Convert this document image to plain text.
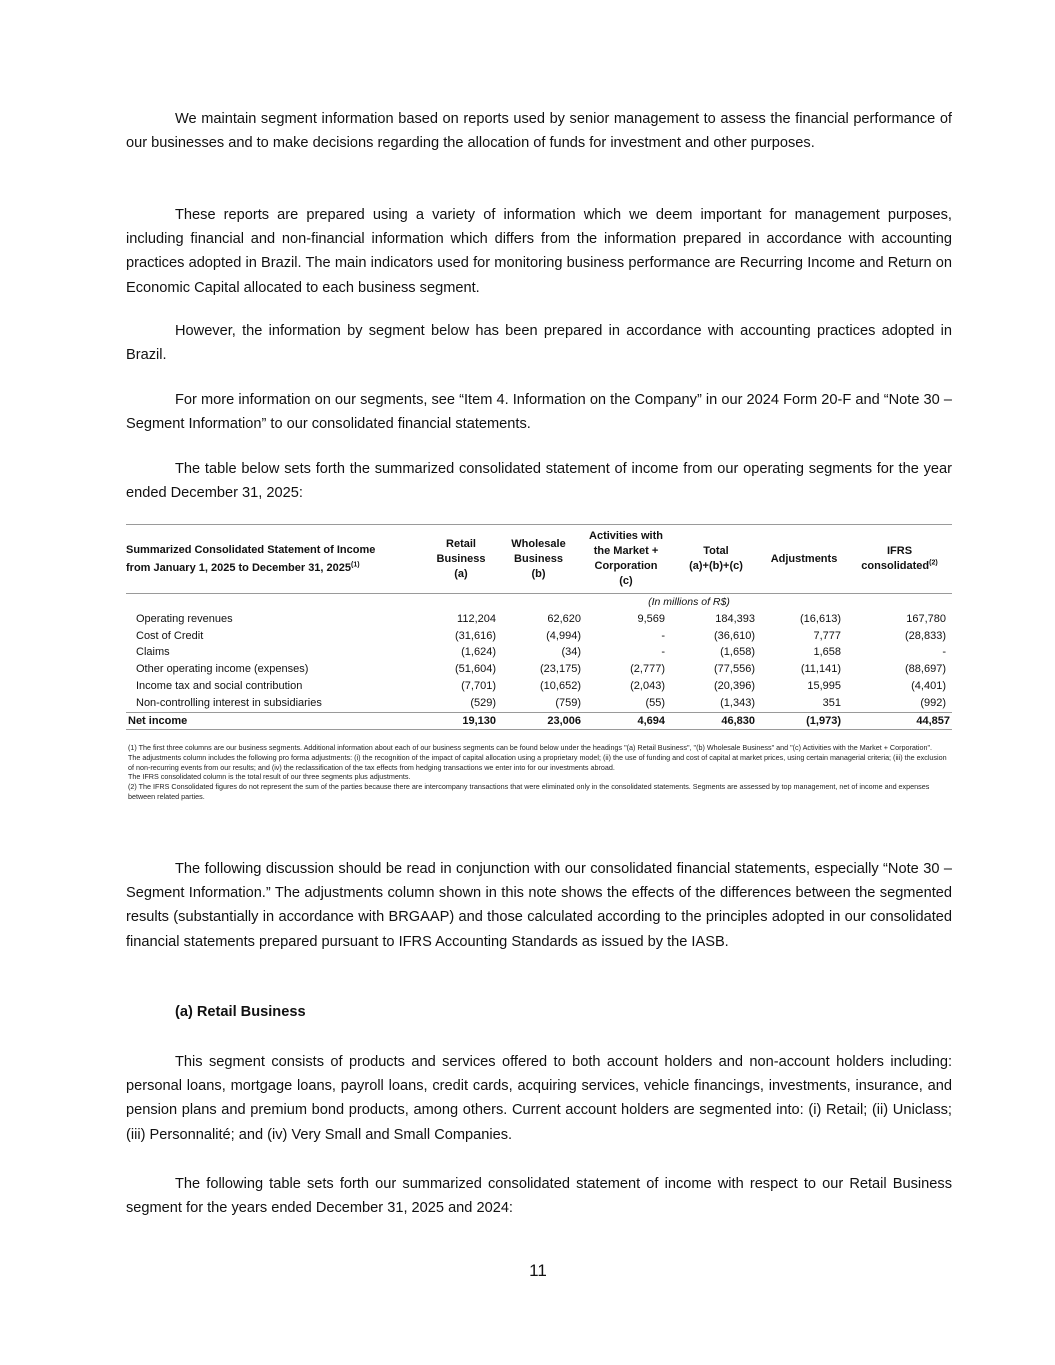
We maintain segment information based on reports used by senior management to assess the financial performance of our businesses and to make decisions regarding the allocation of funds for investment and other purposes.

These reports are prepared using a variety of information which we deem important for management purposes, including financial and non-financial information which differs from the information prepared in accordance with accounting practices adopted in Brazil. The main indicators used for monitoring business performance are Recurring Income and Return on Economic Capital allocated to each business segment.

However, the information by segment below has been prepared in accordance with accounting practices adopted in Brazil.

For more information on our segments, see “Item 4. Information on the Company” in our 2024 Form 20-F and “Note 30 – Segment Information” to our consolidated financial statements.

The table below sets forth the summarized consolidated statement of income from our operating segments for the year ended December 31, 2025:

Summarized Consolidated Statement of Income
from January 1, 2025 to December 31, 2025$^{(1)}$	Retail
Business
(a)	Wholesale
Business
(b)	Activities with
the Market +
Corporation
(c)	Total
(a)+(b)+(c)	Adjustments	IFRS
consolidated$^{(2)}$
	(In millions of R$)					
Operating revenues	112,204	62,620	9,569	184,393	(16,613)	167,780
Cost of Credit	(31,616)	(4,994)	-	(36,610)	7,777	(28,833)
Claims	(1,624)	(34)	-	(1,658)	1,658	-
Other operating income (expenses)	(51,604)	(23,175)	(2,777)	(77,556)	(11,141)	(88,697)
Income tax and social contribution	(7,701)	(10,652)	(2,043)	(20,396)	15,995	(4,401)
Non-controlling interest in subsidiaries	(529)	(759)	(55)	(1,343)	351	(992)
Net income	19,130	23,006	4,694	46,830	(1,973)	44,857

(1) The first three columns are our business segments. Additional information about each of our business segments can be found below under the headings "(a) Retail Business", "(b) Wholesale Business" and "(c) Activities with the Market + Corporation".

The adjustments column includes the following pro forma adjustments: (i) the recognition of the impact of capital allocation using a proprietary model; (ii) the use of funding and cost of capital at market prices, using certain managerial criteria; (iii) the exclusion of non-recurring events from our results; and (iv) the reclassification of the tax effects from hedging transactions we enter into for our investments abroad.

The IFRS consolidated column is the total result of our three segments plus adjustments.

(2) The IFRS Consolidated figures do not represent the sum of the parties because there are intercompany transactions that were eliminated only in the consolidated statements. Segments are assessed by top management, net of income and expenses between related parties.

The following discussion should be read in conjunction with our consolidated financial statements, especially “Note 30 – Segment Information.” The adjustments column shown in this note shows the effects of the differences between the segmented results (substantially in accordance with BRGAAP) and those calculated according to the principles adopted in our consolidated financial statements prepared pursuant to IFRS Accounting Standards as issued by the IASB.

(a) Retail Business

This segment consists of products and services offered to both account holders and non-account holders including: personal loans, mortgage loans, payroll loans, credit cards, acquiring services, vehicle financings, investments, insurance, and pension plans and premium bond products, among others. Current account holders are segmented into: (i) Retail; (ii) Uniclass; (iii) Personnalité; and (iv) Very Small and Small Companies.

The following table sets forth our summarized consolidated statement of income with respect to our Retail Business segment for the years ended December 31, 2025 and 2024:

11
